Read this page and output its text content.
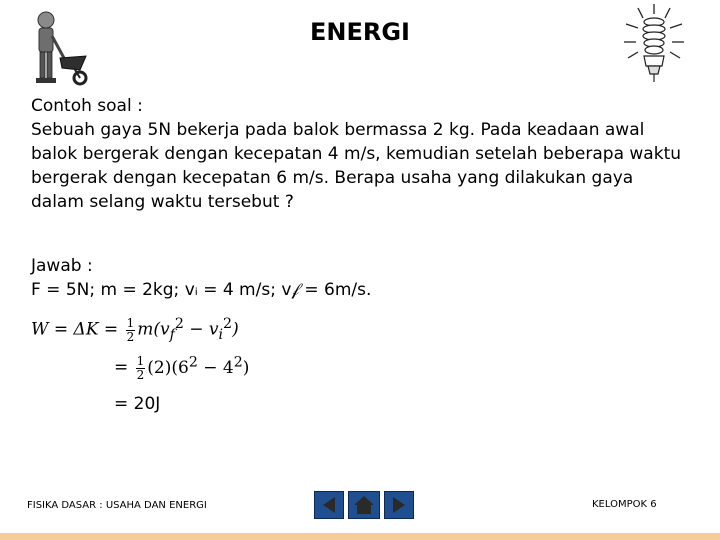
ENERGI

Contoh soal :

Sebuah gaya 5N bekerja pada balok bermassa 2 kg. Pada keadaan awal balok bergerak dengan kecepatan 4 m/s, kemudian setelah beberapa waktu bergerak dengan kecepatan 6 m/s. Berapa usaha yang dilakukan gaya dalam selang waktu tersebut ?

Jawab :

F = 5N; m = 2kg; vᵢ = 4 m/s; v𝒻 = 6m/s.

$W = \Delta K = \frac{1}{2} m(v_f^2 - v_i^2)$
= $\frac{1}{2} (2)(6^2 - 4^2)$
= 20J
FISIKA DASAR : USAHA DAN ENERGI	KELOMPOK 6
